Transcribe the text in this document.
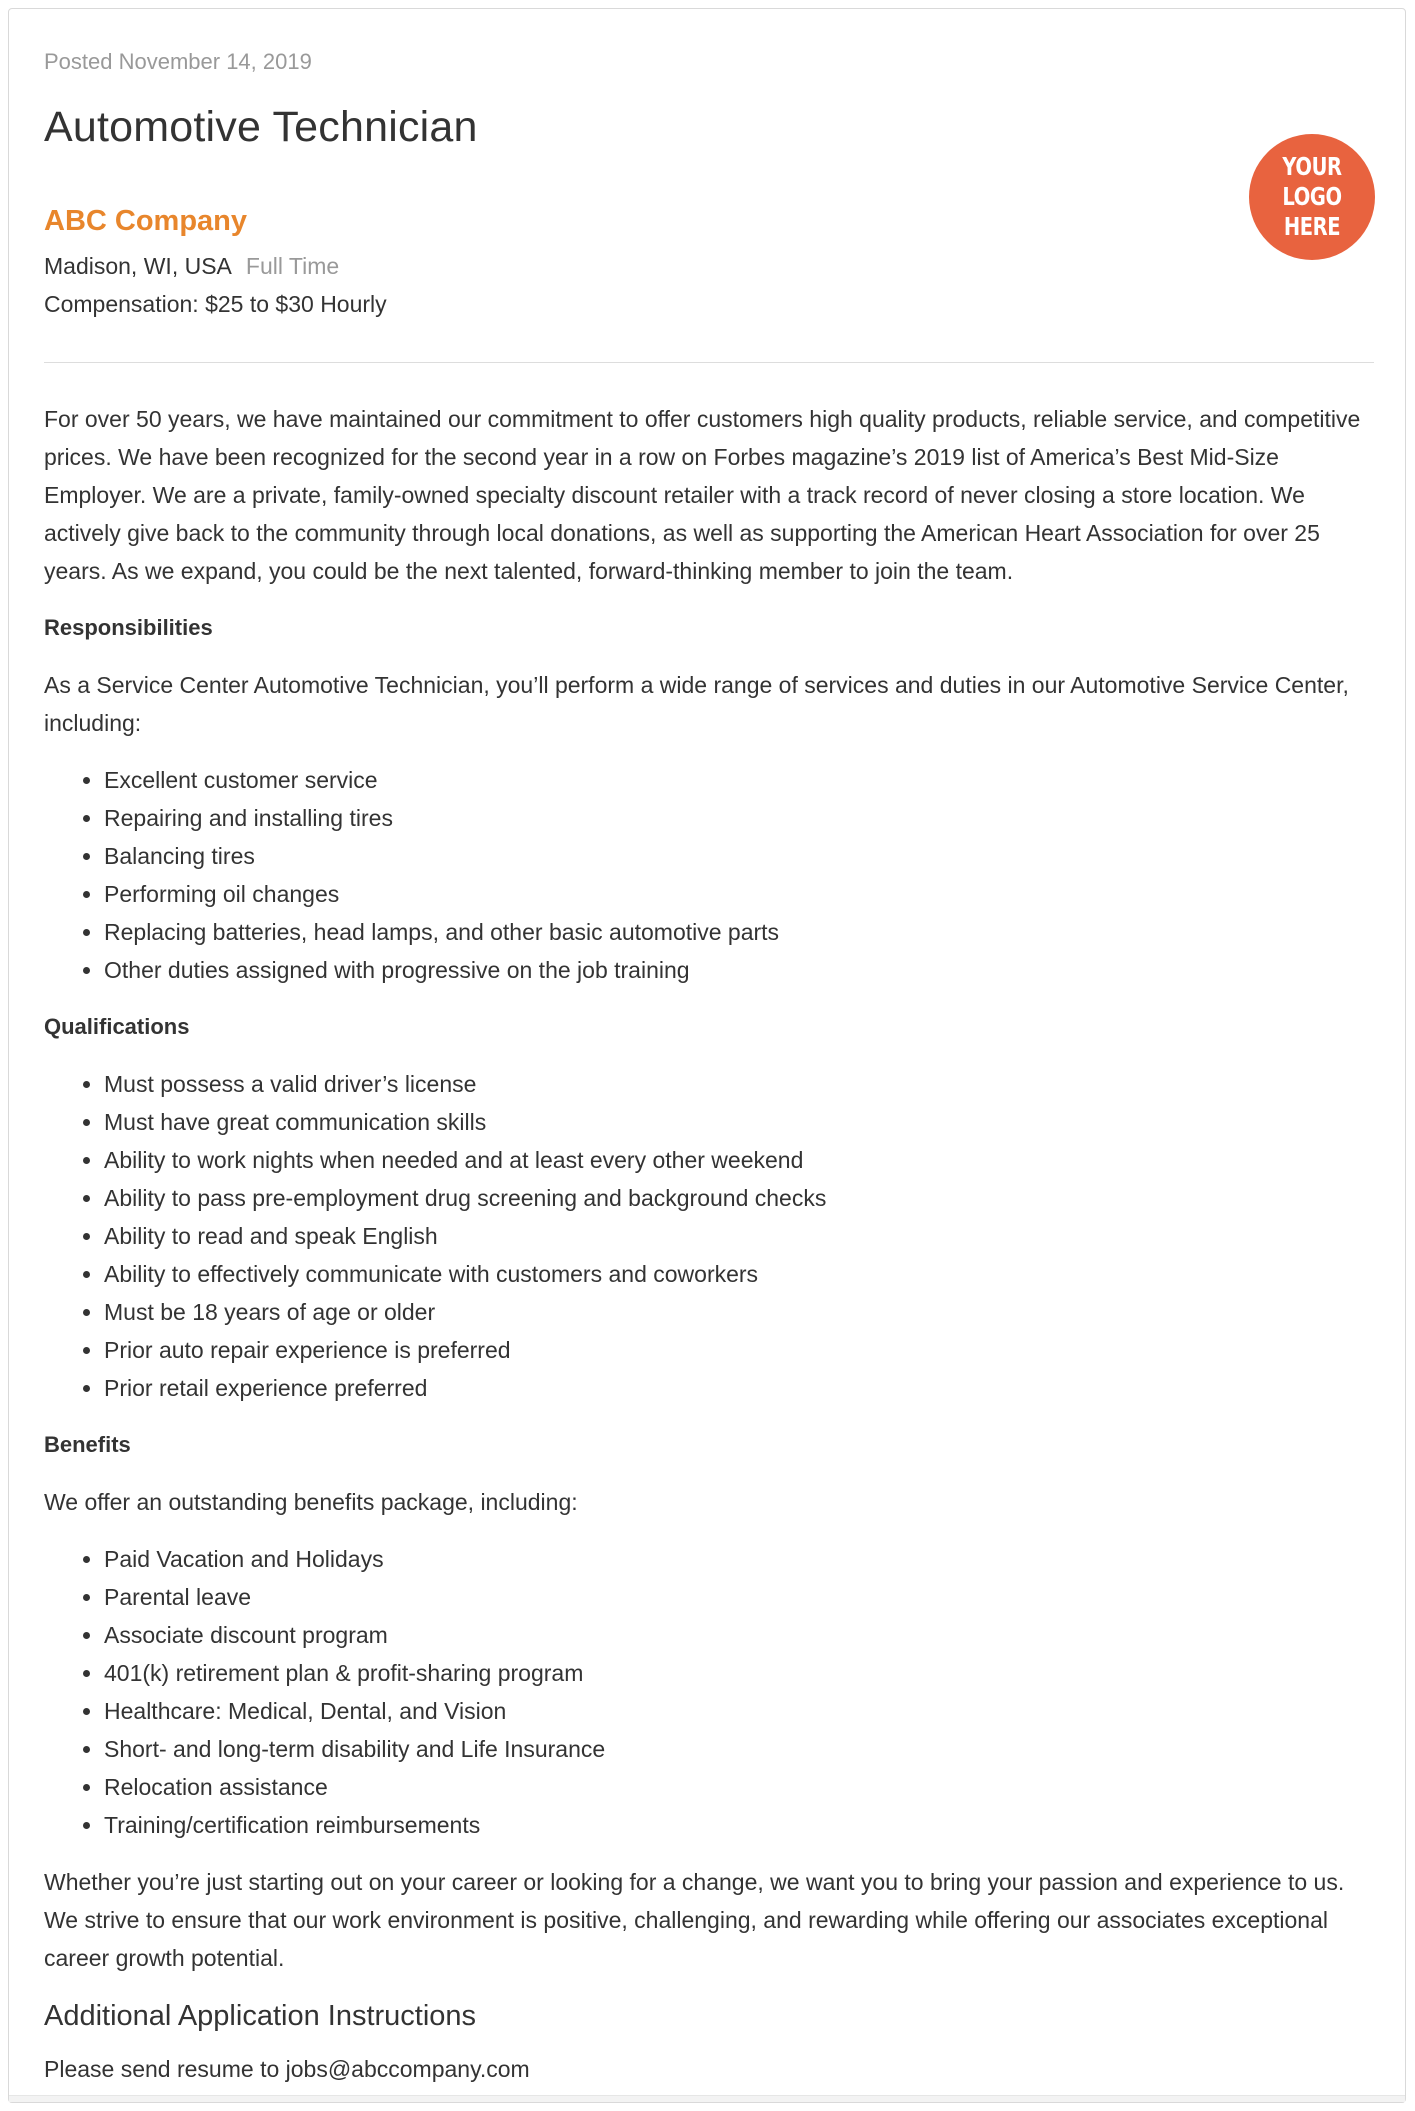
Posted November 14, 2019
Automotive Technician
ABC Company
Madison, WI, USA Full Time
Compensation: $25 to $30 Hourly
YOUR
LOGO
HERE

For over 50 years, we have maintained our commitment to offer customers high quality products, reliable service, and competitive prices. We have been recognized for the second year in a row on Forbes magazine’s 2019 list of America’s Best Mid-Size Employer. We are a private, family-owned specialty discount retailer with a track record of never closing a store location. We actively give back to the community through local donations, as well as supporting the American Heart Association for over 25 years. As we expand, you could be the next talented, forward-thinking member to join the team.

Responsibilities

As a Service Center Automotive Technician, you’ll perform a wide range of services and duties in our Automotive Service Center, including:

• Excellent customer service
• Repairing and installing tires
• Balancing tires
• Performing oil changes
• Replacing batteries, head lamps, and other basic automotive parts
• Other duties assigned with progressive on the job training
Qualifications
• Must possess a valid driver’s license
• Must have great communication skills
• Ability to work nights when needed and at least every other weekend
• Ability to pass pre-employment drug screening and background checks
• Ability to read and speak English
• Ability to effectively communicate with customers and coworkers
• Must be 18 years of age or older
• Prior auto repair experience is preferred
• Prior retail experience preferred
Benefits

We offer an outstanding benefits package, including:

• Paid Vacation and Holidays
• Parental leave
• Associate discount program
• 401(k) retirement plan & profit-sharing program
• Healthcare: Medical, Dental, and Vision
• Short- and long-term disability and Life Insurance
• Relocation assistance
• Training/certification reimbursements

Whether you’re just starting out on your career or looking for a change, we want you to bring your passion and experience to us. We strive to ensure that our work environment is positive, challenging, and rewarding while offering our associates exceptional career growth potential.

Additional Application Instructions

Please send resume to jobs@abccompany.com
